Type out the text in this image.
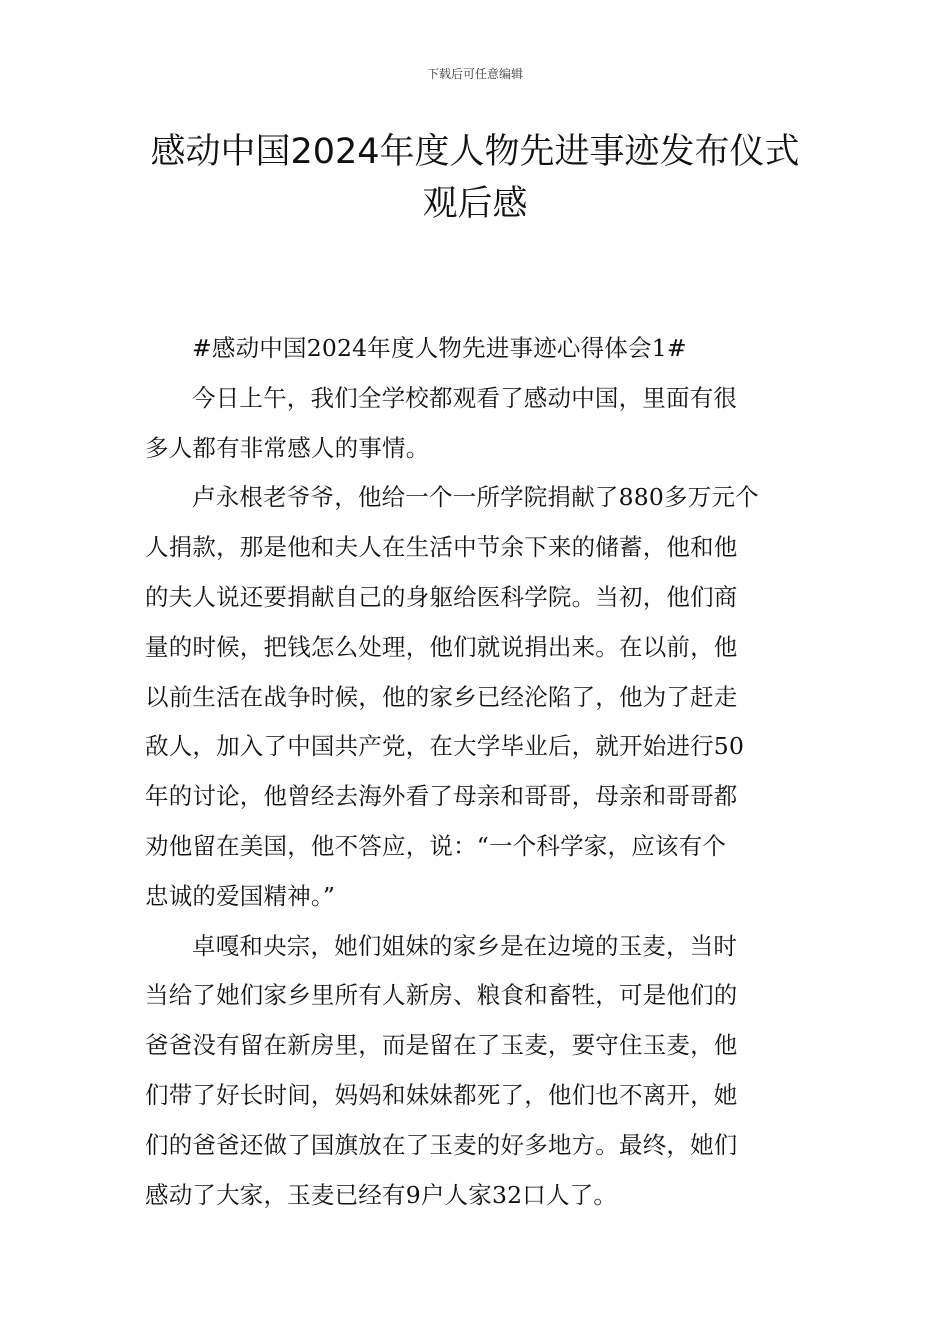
下载后可任意编辑
感动中国2024年度人物先进事迹发布仪式
观后感

#感动中国2024年度人物先进事迹心得体会1#

今日上午，我们全学校都观看了感动中国，里面有很
多人都有非常感人的事情。

卢永根老爷爷，他给一个一所学院捐献了880多万元个
人捐款，那是他和夫人在生活中节余下来的储蓄，他和他
的夫人说还要捐献自己的身躯给医科学院。当初，他们商
量的时候，把钱怎么处理，他们就说捐出来。在以前，他
以前生活在战争时候，他的家乡已经沦陷了，他为了赶走
敌人，加入了中国共产党，在大学毕业后，就开始进行50
年的讨论，他曾经去海外看了母亲和哥哥，母亲和哥哥都
劝他留在美国，他不答应，说：“一个科学家，应该有个
忠诚的爱国精神。”

卓嘎和央宗，她们姐妹的家乡是在边境的玉麦，当时
当给了她们家乡里所有人新房、粮食和畜牲，可是他们的
爸爸没有留在新房里，而是留在了玉麦，要守住玉麦，他
们带了好长时间，妈妈和妹妹都死了，他们也不离开，她
们的爸爸还做了国旗放在了玉麦的好多地方。最终，她们
感动了大家，玉麦已经有9户人家32口人了。
